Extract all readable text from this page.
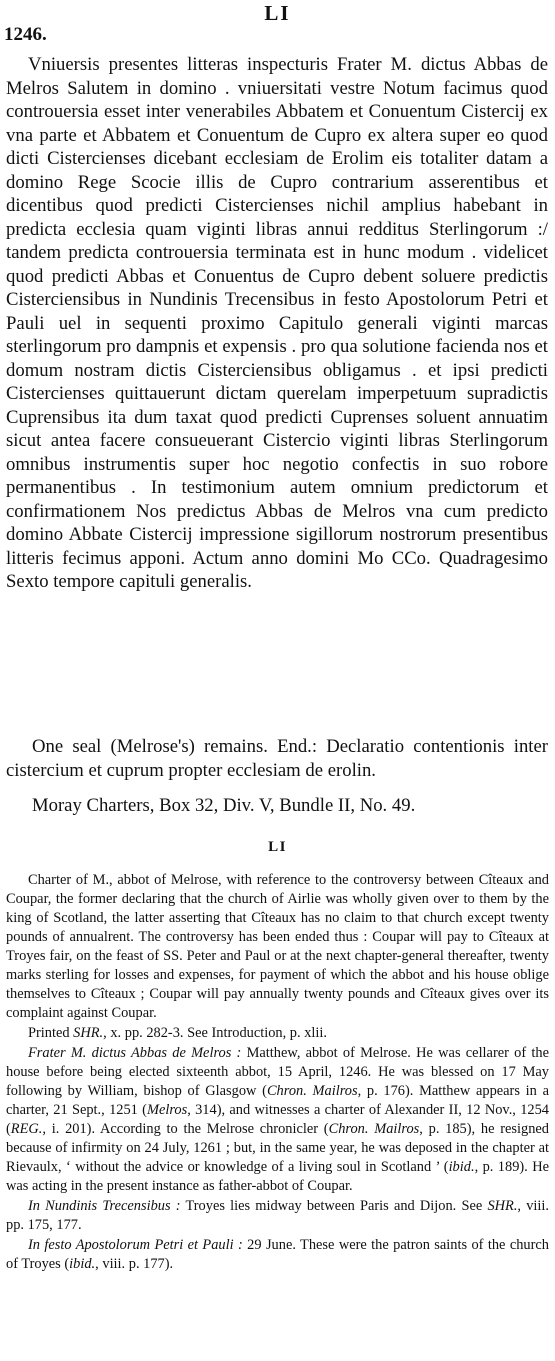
LI
1246.

Vniuersis presentes litteras inspecturis Frater M. dictus Abbas de Melros Salutem in domino . vniuersitati vestre Notum facimus quod controuersia esset inter venerabiles Abbatem et Conuentum Cistercij ex vna parte et Abbatem et Conuentum de Cupro ex altera super eo quod dicti Cistercienses dicebant ecclesiam de Erolim eis totaliter datam a domino Rege Scocie illis de Cupro contrarium asserentibus et dicentibus quod predicti Cistercienses nichil amplius habebant in predicta ecclesia quam viginti libras annui redditus Sterlingorum :/ tandem predicta controuersia terminata est in hunc modum . videlicet quod predicti Abbas et Conuentus de Cupro debent soluere predictis Cisterciensibus in Nundinis Trecensibus in festo Apostolorum Petri et Pauli uel in sequenti proximo Capitulo generali viginti marcas sterlingorum pro dampnis et expensis . pro qua solutione facienda nos et domum nostram dictis Cisterciensibus obligamus . et ipsi predicti Cistercienses quittauerunt dictam querelam imperpetuum supradictis Cuprensibus ita dum taxat quod predicti Cuprenses soluent annuatim sicut antea facere consueuerant Cistercio viginti libras Sterlingorum omnibus instrumentis super hoc negotio confectis in suo robore permanentibus . In testimonium autem omnium predictorum et confirmationem Nos predictus Abbas de Melros vna cum predicto domino Abbate Cistercij impressione sigillorum nostrorum presentibus litteris fecimus apponi. Actum anno domini Mo CCo. Quadragesimo Sexto tempore capituli generalis.

One seal (Melrose's) remains. End.: Declaratio contentionis inter cistercium et cuprum propter ecclesiam de erolin.

Moray Charters, Box 32, Div. V, Bundle II, No. 49.
LI

Charter of M., abbot of Melrose, with reference to the controversy between Cîteaux and Coupar, the former declaring that the church of Airlie was wholly given over to them by the king of Scotland, the latter asserting that Cîteaux has no claim to that church except twenty pounds of annualrent. The controversy has been ended thus : Coupar will pay to Cîteaux at Troyes fair, on the feast of SS. Peter and Paul or at the next chapter-general thereafter, twenty marks sterling for losses and expenses, for payment of which the abbot and his house oblige themselves to Cîteaux ; Coupar will pay annually twenty pounds and Cîteaux gives over its complaint against Coupar.

Printed SHR., x. pp. 282-3. See Introduction, p. xlii.

Frater M. dictus Abbas de Melros : Matthew, abbot of Melrose. He was cellarer of the house before being elected sixteenth abbot, 15 April, 1246. He was blessed on 17 May following by William, bishop of Glasgow (Chron. Mailros, p. 176). Matthew appears in a charter, 21 Sept., 1251 (Melros, 314), and witnesses a charter of Alexander II, 12 Nov., 1254 (REG., i. 201). According to the Melrose chronicler (Chron. Mailros, p. 185), he resigned because of infirmity on 24 July, 1261 ; but, in the same year, he was deposed in the chapter at Rievaulx, ‘ without the advice or knowledge of a living soul in Scotland ’ (ibid., p. 189). He was acting in the present instance as father-abbot of Coupar.

In Nundinis Trecensibus : Troyes lies midway between Paris and Dijon. See SHR., viii. pp. 175, 177.

In festo Apostolorum Petri et Pauli : 29 June. These were the patron saints of the church of Troyes (ibid., viii. p. 177).
